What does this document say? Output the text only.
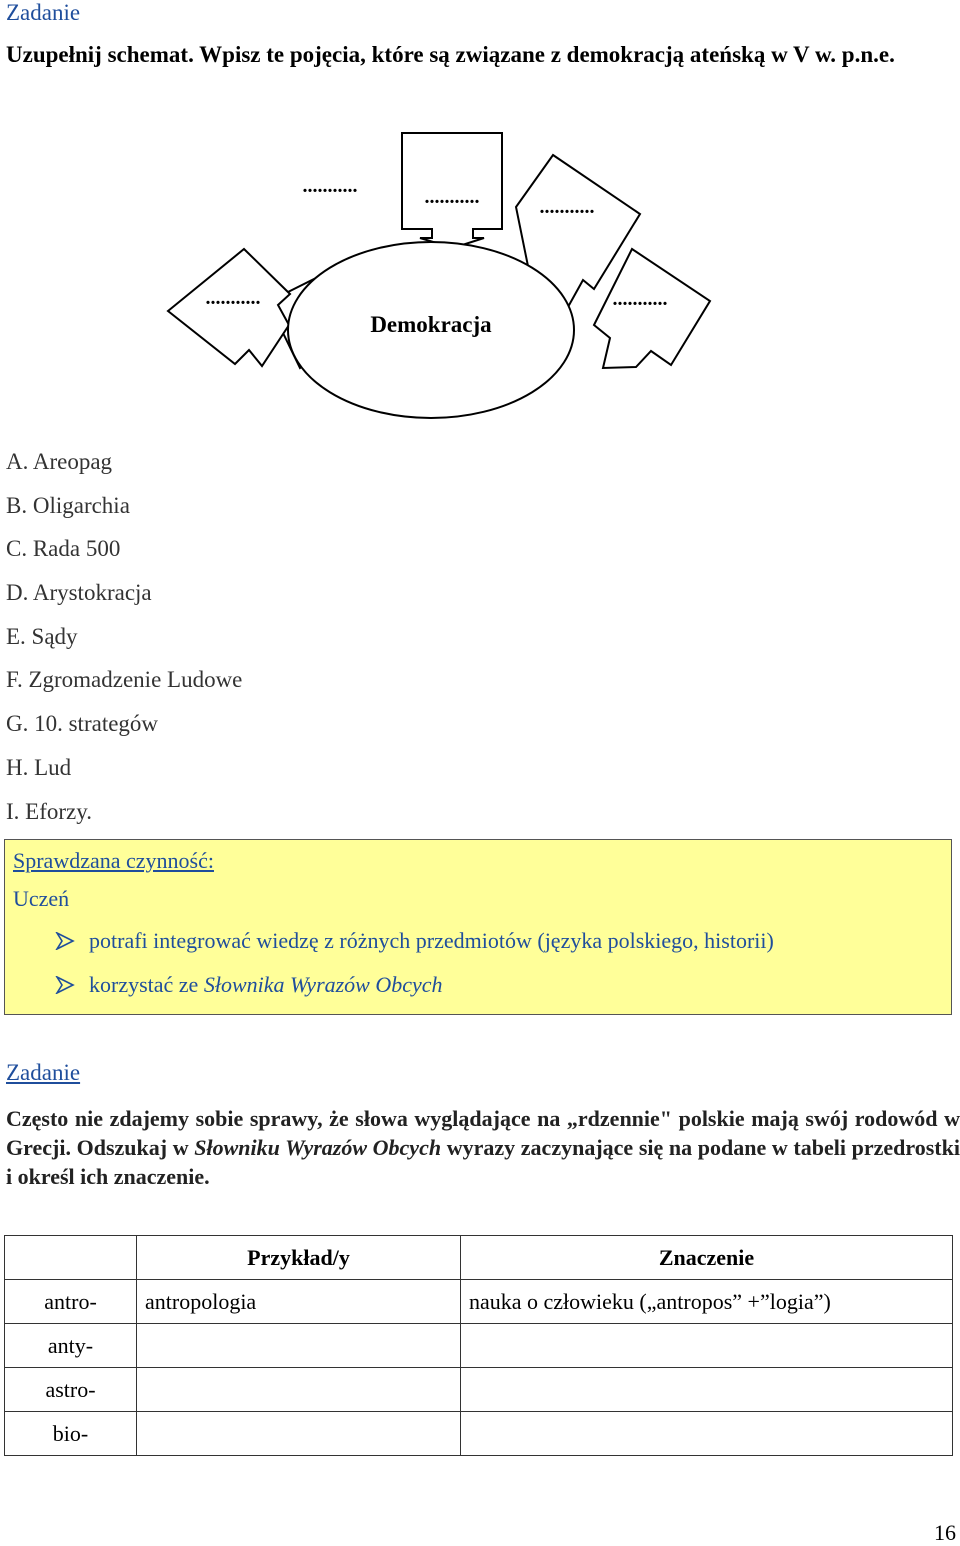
Zadanie
Uzupełnij schemat. Wpisz te pojęcia, które są związane z demokracją ateńską w V w. p.n.e.
...........	...........	...........
...........	...........
Demokracja
A. Areopag
B. Oligarchia
C. Rada 500
D. Arystokracja
E. Sądy
F. Zgromadzenie Ludowe
G. 10. strategów
H. Lud
I. Eforzy.
Sprawdzana czynność:
Uczeń
potrafi integrować wiedzę z różnych przedmiotów (języka polskiego, historii)
korzystać ze Słownika Wyrazów Obcych
Zadanie
Często nie zdajemy sobie sprawy, że słowa wyglądające na „rdzennie" polskie mają swój rodowód w Grecji. Odszukaj w Słowniku Wyrazów Obcych wyrazy zaczynające się na podane w tabeli przedrostki i określ ich znaczenie.
	Przykład/y	Znaczenie
antro-	antropologia	nauka o człowieku („antropos” +”logia”)
anty-		
astro-		
bio-		
16
